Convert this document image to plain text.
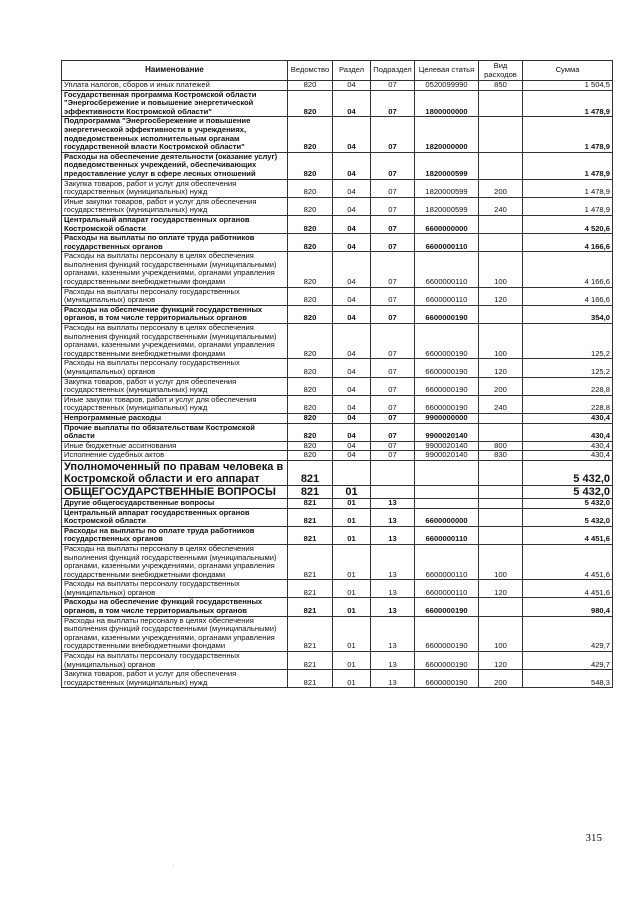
Наименование	Ведомство	Раздел	Подраздел	Целевая статья	Вид расходов	Сумма
Уплата налогов, сборов и иных платежей	820	04	07	0520099990	850	1 504,5
Государственная программа Костромской области "Энергосбережение и повышение энергетической эффективности Костромской области"	820	04	07	1800000000		1 478,9
Подпрограмма "Энергосбережение и повышение энергетической эффективности в учреждениях, подведомственных исполнительным органам государственной власти Костромской области"	820	04	07	1820000000		1 478,9
Расходы на обеспечение деятельности (оказание услуг) подведомственных учреждений, обеспечивающих предоставление услуг в сфере лесных отношений	820	04	07	1820000599		1 478,9
Закупка товаров, работ и услуг для обеспечения государственных (муниципальных) нужд	820	04	07	1820000599	200	1 478,9
Иные закупки товаров, работ и услуг для обеспечения государственных (муниципальных) нужд	820	04	07	1820000599	240	1 478,9
Центральный аппарат государственных органов Костромской области	820	04	07	6600000000		4 520,6
Расходы на выплаты по оплате труда работников государственных органов	820	04	07	6600000110		4 166,6
Расходы на выплаты персоналу в целях обеспечения выполнения функций государственными (муниципальными) органами, казенными учреждениями, органами управления государственными внебюджетными фондами	820	04	07	6600000110	100	4 166,6
Расходы на выплаты персоналу государственных (муниципальных) органов	820	04	07	6600000110	120	4 166,6
Расходы на обеспечение функций государственных органов, в том числе территориальных органов	820	04	07	6600000190		354,0
Расходы на выплаты персоналу в целях обеспечения выполнения функций государственными (муниципальными) органами, казенными учреждениями, органами управления государственными внебюджетными фондами	820	04	07	6600000190	100	125,2
Расходы на выплаты персоналу государственных (муниципальных) органов	820	04	07	6600000190	120	125,2
Закупка товаров, работ и услуг для обеспечения государственных (муниципальных) нужд	820	04	07	6600000190	200	228,8
Иные закупки товаров, работ и услуг для обеспечения государственных (муниципальных) нужд	820	04	07	6600000190	240	228,8
Непрограммные расходы	820	04	07	9900000000		430,4
Прочие выплаты по обязательствам Костромской области	820	04	07	9900020140		430,4
Иные бюджетные ассигнования	820	04	07	9900020140	800	430,4
Исполнение судебных актов	820	04	07	9900020140	830	430,4
Уполномоченный по правам человека в Костромской области и его аппарат	821					5 432,0
ОБЩЕГОСУДАРСТВЕННЫЕ ВОПРОСЫ	821	01				5 432,0
Другие общегосударственные вопросы	821	01	13			5 432,0
Центральный аппарат государственных органов Костромской области	821	01	13	6600000000		5 432,0
Расходы на выплаты по оплате труда работников государственных органов	821	01	13	6600000110		4 451,6
Расходы на выплаты персоналу в целях обеспечения выполнения функций государственными (муниципальными) органами, казенными учреждениями, органами управления государственными внебюджетными фондами	821	01	13	6600000110	100	4 451,6
Расходы на выплаты персоналу государственных (муниципальных) органов	821	01	13	6600000110	120	4 451,6
Расходы на обеспечение функций государственных органов, в том числе территориальных органов	821	01	13	6600000190		980,4
Расходы на выплаты персоналу в целях обеспечения выполнения функций государственными (муниципальными) органами, казенными учреждениями, органами управления государственными внебюджетными фондами	821	01	13	6600000190	100	429,7
Расходы на выплаты персоналу государственных (муниципальных) органов	821	01	13	6600000190	120	429,7
Закупка товаров, работ и услуг для обеспечения государственных (муниципальных) нужд	821	01	13	6600000190	200	548,3
.
315
·
